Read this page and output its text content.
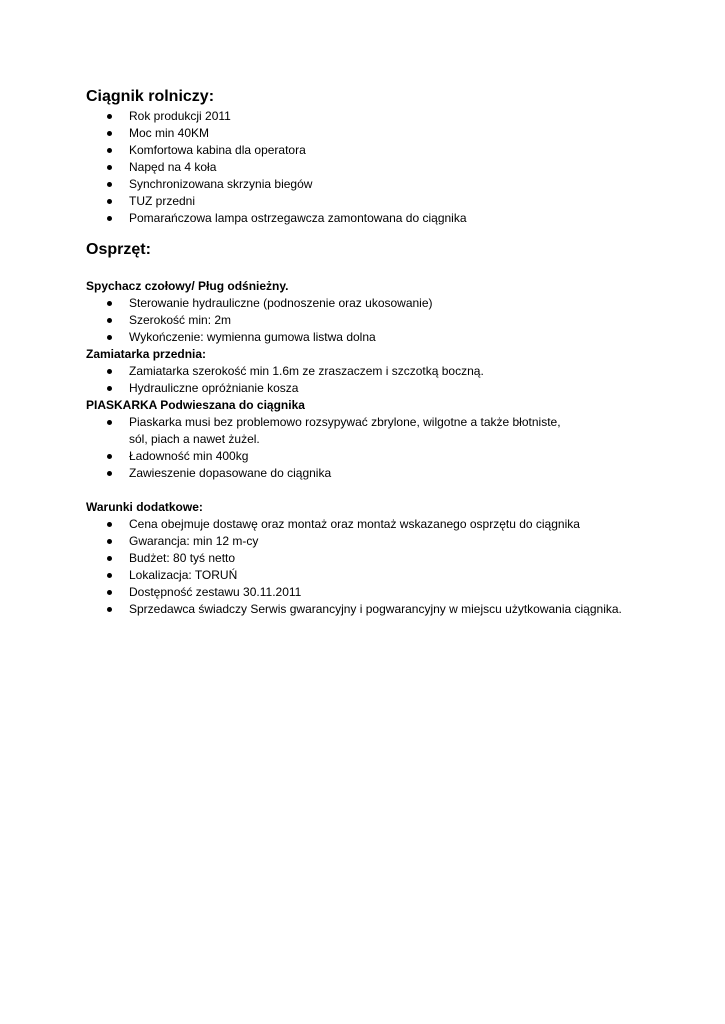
Ciągnik rolniczy:
Rok produkcji 2011
Moc min 40KM
Komfortowa kabina dla operatora
Napęd na 4 koła
Synchronizowana skrzynia biegów
TUZ przedni
Pomarańczowa lampa ostrzegawcza zamontowana do ciągnika
Osprzęt:
Spychacz czołowy/ Pług odśnieżny.
Sterowanie hydrauliczne (podnoszenie oraz ukosowanie)
Szerokość min: 2m
Wykończenie: wymienna gumowa listwa dolna
Zamiatarka przednia:
Zamiatarka szerokość min 1.6m ze zraszaczem i szczotką boczną.
Hydrauliczne opróżnianie kosza
PIASKARKA Podwieszana do ciągnika
Piaskarka musi bez problemowo rozsypywać zbrylone, wilgotne a także błotniste,
sól, piach a nawet żużel.
Ładowność min 400kg
Zawieszenie dopasowane do ciągnika
Warunki dodatkowe:
Cena obejmuje dostawę oraz montaż oraz montaż wskazanego osprzętu do ciągnika
Gwarancja: min 12 m-cy
Budżet: 80 tyś netto
Lokalizacja: TORUŃ
Dostępność zestawu 30.11.2011
Sprzedawca świadczy Serwis gwarancyjny i pogwarancyjny w miejscu użytkowania ciągnika.
